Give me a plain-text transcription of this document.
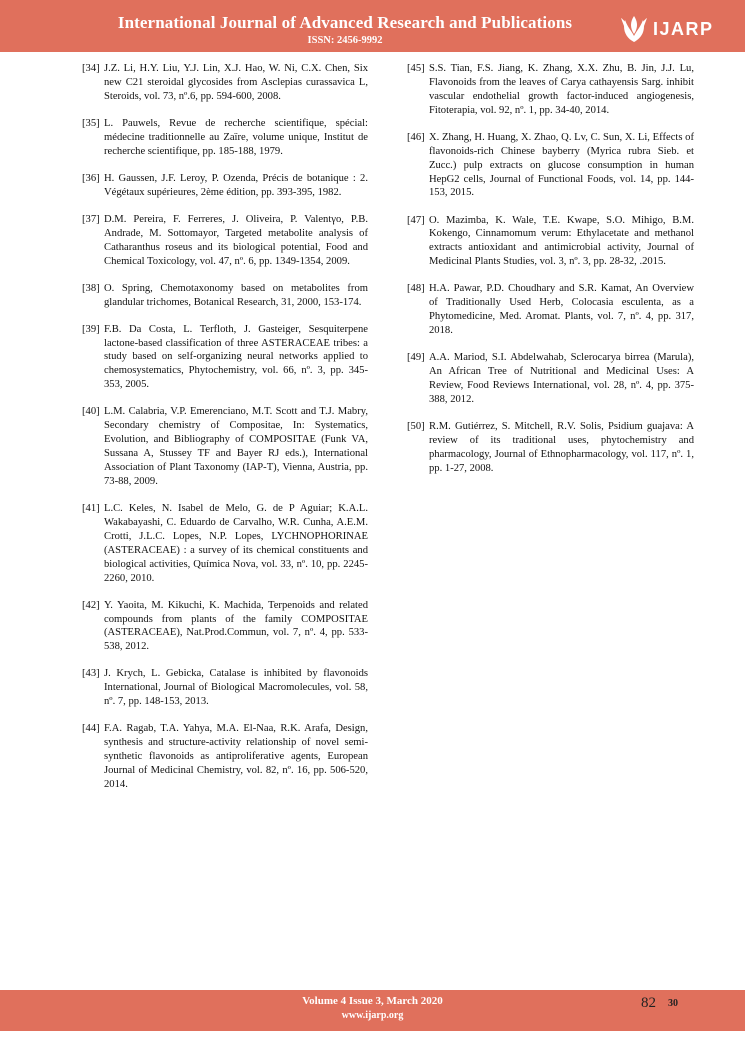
International Journal of Advanced Research and Publications
ISSN: 2456-9992
IJARP
[34] J.Z. Li, H.Y. Liu, Y.J. Lin, X.J. Hao, W. Ni, C.X. Chen, Six new C21 steroidal glycosides from Asclepias curassavica L, Steroids, vol. 73, nº.6, pp. 594-600, 2008.
[35] L. Pauwels, Revue de recherche scientifique, spécial: médecine traditionnelle au Zaïre, volume unique, Institut de recherche scientifique, pp. 185-188, 1979.
[36] H. Gaussen, J.F. Leroy, P. Ozenda, Précis de botanique : 2. Végétaux supérieures, 2ème édition, pp. 393-395, 1982.
[37] D.M. Pereira, F. Ferreres, J. Oliveira, P. Valentγo, P.B. Andrade, M. Sottomayor, Targeted metabolite analysis of Catharanthus roseus and its biological potential, Food and Chemical Toxicology, vol. 47, nº. 6, pp. 1349-1354, 2009.
[38] O. Spring, Chemotaxonomy based on metabolites from glandular trichomes, Botanical Research, 31, 2000, 153-174.
[39] F.B. Da Costa, L. Terfloth, J. Gasteiger, Sesquiterpene lactone-based classification of three ASTERACEAE tribes: a study based on self-organizing neural networks applied to chemosystematics, Phytochemistry, vol. 66, nº. 3, pp. 345-353, 2005.
[40] L.M. Calabria, V.P. Emerenciano, M.T. Scott and T.J. Mabry, Secondary chemistry of Compositae, In: Systematics, Evolution, and Bibliography of COMPOSITAE (Funk VA, Sussana A, Stussey TF and Bayer RJ eds.), International Association of Plant Taxonomy (IAP-T), Vienna, Austria, pp. 73-88, 2009.
[41] L.C. Keles, N. Isabel de Melo, G. de P Aguiar; K.A.L. Wakabayashi, C. Eduardo de Carvalho, W.R. Cunha, A.E.M. Crotti, J.L.C. Lopes, N.P. Lopes, LYCHNOPHORINAE (ASTERACEAE) : a survey of its chemical constituents and biological activities, Química Nova, vol. 33, nº. 10, pp. 2245-2260, 2010.
[42] Y. Yaoita, M. Kikuchi, K. Machida, Terpenoids and related compounds from plants of the family COMPOSITAE (ASTERACEAE), Nat.Prod.Commun, vol. 7, nº. 4, pp. 533-538, 2012.
[43] J. Krych, L. Gebicka, Catalase is inhibited by flavonoids International, Journal of Biological Macromolecules, vol. 58, nº. 7, pp. 148-153, 2013.
[44] F.A. Ragab, T.A. Yahya, M.A. El-Naa, R.K. Arafa, Design, synthesis and structure-activity relationship of novel semi-synthetic flavonoids as antiproliferative agents, European Journal of Medicinal Chemistry, vol. 82, nº. 16, pp. 506-520, 2014.
[45] S.S. Tian, F.S. Jiang, K. Zhang, X.X. Zhu, B. Jin, J.J. Lu, Flavonoids from the leaves of Carya cathayensis Sarg. inhibit vascular endothelial growth factor-induced angiogenesis, Fitoterapia, vol. 92, nº. 1, pp. 34-40, 2014.
[46] X. Zhang, H. Huang, X. Zhao, Q. Lv, C. Sun, X. Li, Effects of flavonoids-rich Chinese bayberry (Myrica rubra Sieb. et Zucc.) pulp extracts on glucose consumption in human HepG2 cells, Journal of Functional Foods, vol. 14, pp. 144-153, 2015.
[47] O. Mazimba, K. Wale, T.E. Kwape, S.O. Mihigo, B.M. Kokengo, Cinnamomum verum: Ethylacetate and methanol extracts antioxidant and antimicrobial activity, Journal of Medicinal Plants Studies, vol. 3, nº. 3, pp. 28-32, .2015.
[48] H.A. Pawar, P.D. Choudhary and S.R. Kamat, An Overview of Traditionally Used Herb, Colocasia esculenta, as a Phytomedicine, Med. Aromat. Plants, vol. 7, nº. 4, pp. 317, 2018.
[49] A.A. Mariod, S.I. Abdelwahab, Sclerocarya birrea (Marula), An African Tree of Nutritional and Medicinal Uses: A Review, Food Reviews International, vol. 28, nº. 4, pp. 375-388, 2012.
[50] R.M. Gutiérrez, S. Mitchell, R.V. Solis, Psidium guajava: A review of its traditional uses, phytochemistry and pharmacology, Journal of Ethnopharmacology, vol. 117, nº. 1, pp. 1-27, 2008.
Volume 4 Issue 3, March 2020
www.ijarp.org
82 30
